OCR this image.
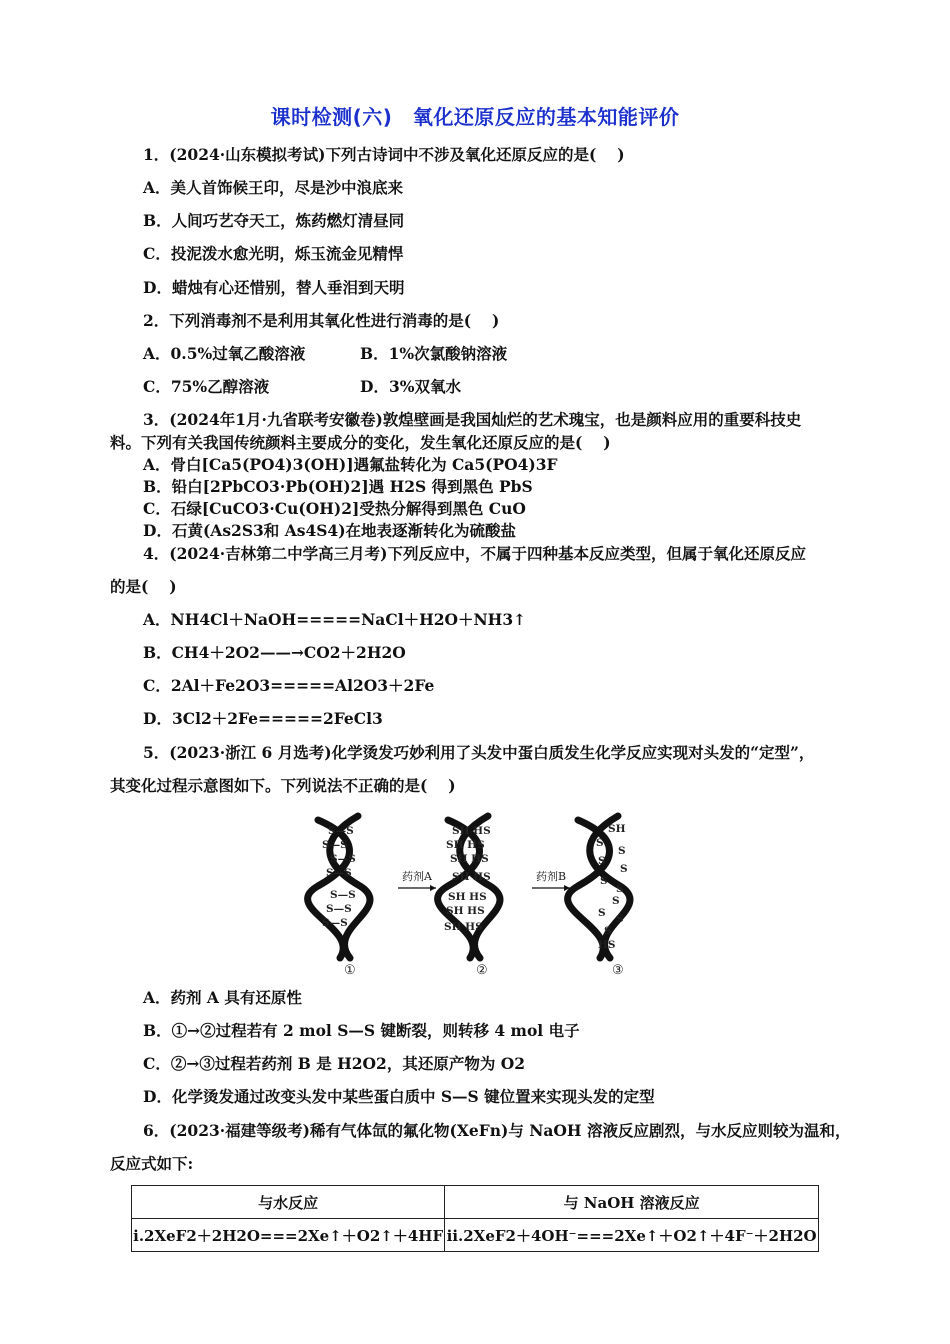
课时检测(六)　氧化还原反应的基本知能评价
1．(2024·山东模拟考试)下列古诗词中不涉及氧化还原反应的是(　 )
A．美人首饰候王印，尽是沙中浪底来
B．人间巧艺夺天工，炼药燃灯清昼同
C．投泥泼水愈光明，烁玉流金见精悍
D．蜡烛有心还惜别，替人垂泪到天明
2．下列消毒剂不是利用其氧化性进行消毒的是(　 )
A．0.5%过氧乙酸溶液	B．1%次氯酸钠溶液
C．75%乙醇溶液	D．3%双氧水
3．(2024年1月·九省联考安徽卷)敦煌壁画是我国灿烂的艺术瑰宝，也是颜料应用的重要科技史
料。下列有关我国传统颜料主要成分的变化，发生氧化还原反应的是(　 )
A．骨白[Ca5(PO4)3(OH)]遇氟盐转化为 Ca5(PO4)3F
B．铅白[2PbCO3·Pb(OH)2]遇 H2S 得到黑色 PbS
C．石绿[CuCO3·Cu(OH)2]受热分解得到黑色 CuO
D．石黄(As2S3和 As4S4)在地表逐渐转化为硫酸盐
4．(2024·吉林第二中学高三月考)下列反应中，不属于四种基本反应类型，但属于氧化还原反应
的是(　 )
A．NH4Cl＋NaOH=====NaCl＋H2O＋NH3↑
B．CH4＋2O2——→CO2＋2H2O
C．2Al＋Fe2O3=====Al2O3＋2Fe
D．3Cl2＋2Fe=====2FeCl3
5．(2023·浙江 6 月选考)化学烫发巧妙利用了头发中蛋白质发生化学反应实现对头发的“定型”，
其变化过程示意图如下。下列说法不正确的是(　 )
S—S
S—S
S—S
S—S
S—S
S—S
S—S
SH HS
SH HS
SH HS
SH HS
SH HS
SH HS
SH HS
SH
S
S
S
S
S
S
S
S S
S
HS
药剂A	药剂B
①	②	③
A．药剂 A 具有还原性
B．①→②过程若有 2 mol S—S 键断裂，则转移 4 mol 电子
C．②→③过程若药剂 B 是 H2O2，其还原产物为 O2
D．化学烫发通过改变头发中某些蛋白质中 S—S 键位置来实现头发的定型
6．(2023·福建等级考)稀有气体氙的氟化物(XeFn)与 NaOH 溶液反应剧烈，与水反应则较为温和，
反应式如下:
与水反应	与 NaOH 溶液反应
ⅰ.2XeF2＋2H2O===2Xe↑＋O2↑＋4HF	ⅱ.2XeF2＋4OH⁻===2Xe↑＋O2↑＋4F⁻＋2H2O
